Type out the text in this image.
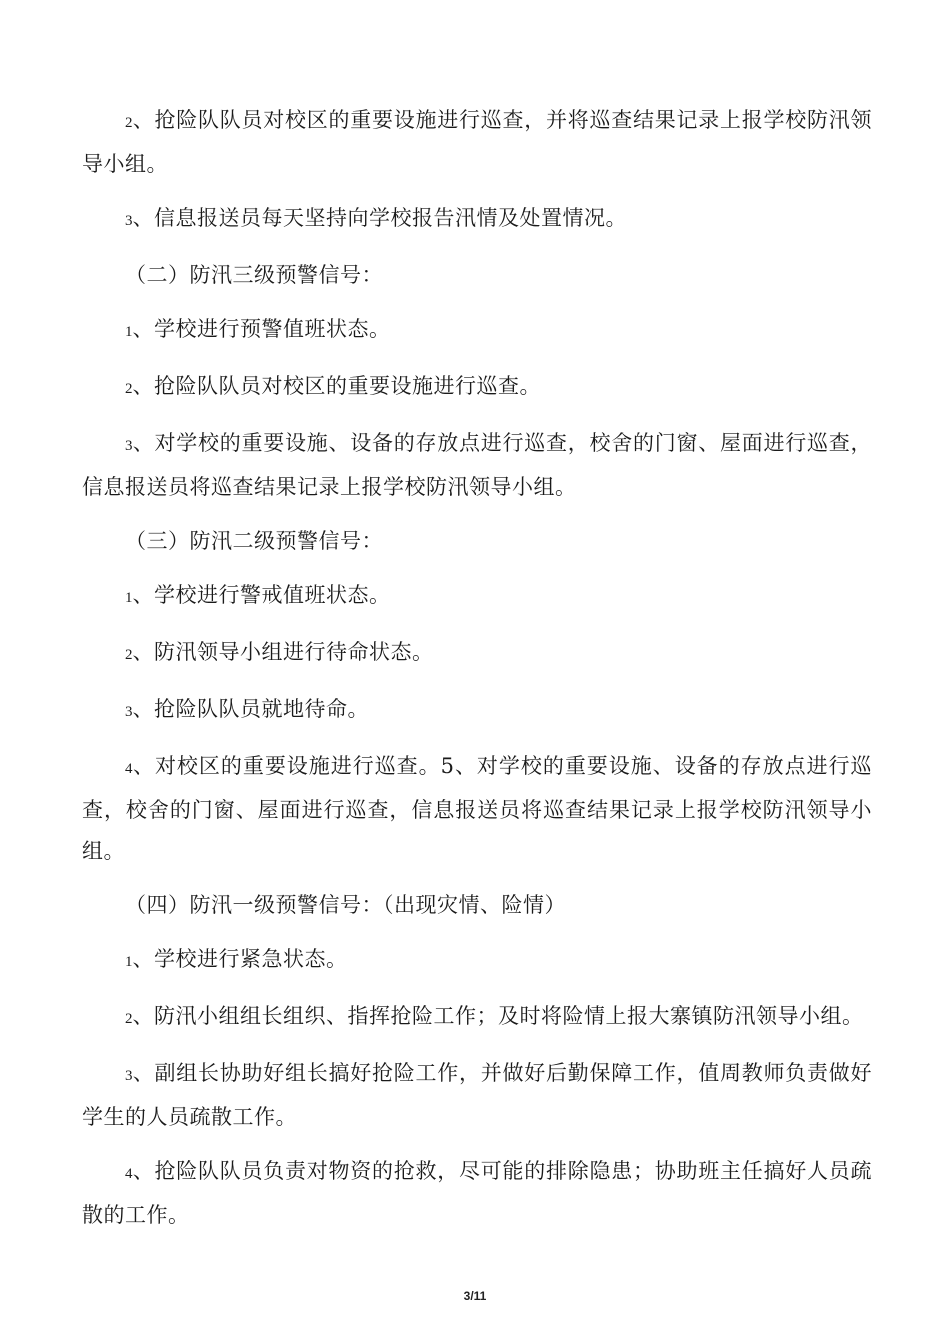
2、抢险队队员对校区的重要设施进行巡查，并将巡查结果记录上报学校防汛领导小组。

3、信息报送员每天坚持向学校报告汛情及处置情况。

（二）防汛三级预警信号：

1、学校进行预警值班状态。

2、抢险队队员对校区的重要设施进行巡查。

3、对学校的重要设施、设备的存放点进行巡查，校舍的门窗、屋面进行巡查，信息报送员将巡查结果记录上报学校防汛领导小组。

（三）防汛二级预警信号：

1、学校进行警戒值班状态。

2、防汛领导小组进行待命状态。

3、抢险队队员就地待命。

4、对校区的重要设施进行巡查。5、对学校的重要设施、设备的存放点进行巡查，校舍的门窗、屋面进行巡查，信息报送员将巡查结果记录上报学校防汛领导小组。

（四）防汛一级预警信号：（出现灾情、险情）

1、学校进行紧急状态。

2、防汛小组组长组织、指挥抢险工作；及时将险情上报大寨镇防汛领导小组。

3、副组长协助好组长搞好抢险工作，并做好后勤保障工作，值周教师负责做好学生的人员疏散工作。

4、抢险队队员负责对物资的抢救，尽可能的排除隐患；协助班主任搞好人员疏散的工作。

3/11
